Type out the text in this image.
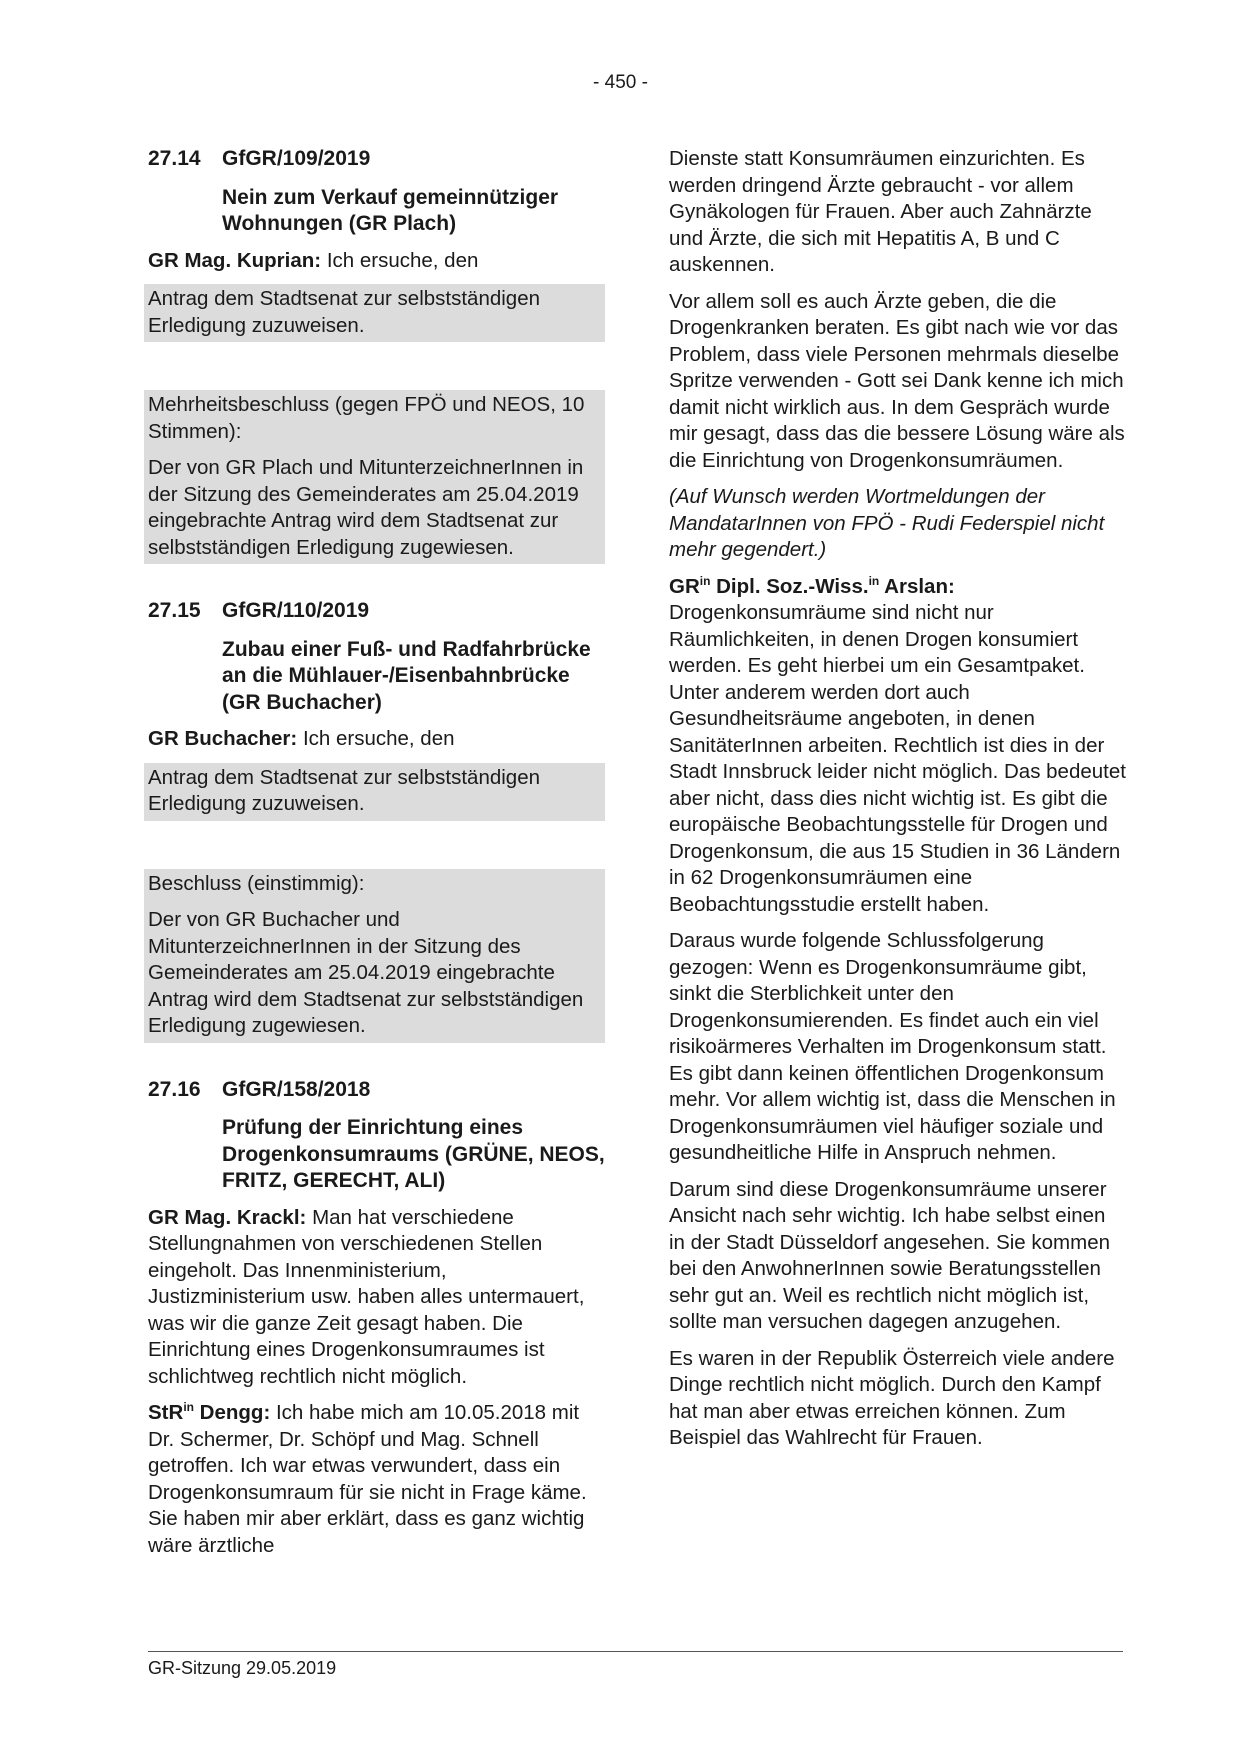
- 450 -
27.14	GfGR/109/2019
Nein zum Verkauf gemeinnütziger Wohnungen (GR Plach)
GR Mag. Kuprian: Ich ersuche, den
Antrag dem Stadtsenat zur selbstständigen Erledigung zuzuweisen.
Mehrheitsbeschluss (gegen FPÖ und NEOS, 10 Stimmen):
Der von GR Plach und MitunterzeichnerInnen in der Sitzung des Gemeinderates am 25.04.2019 eingebrachte Antrag wird dem Stadtsenat zur selbstständigen Erledigung zugewiesen.
27.15	GfGR/110/2019
Zubau einer Fuß- und Radfahrbrücke an die Mühlauer-/Eisenbahnbrücke (GR Buchacher)
GR Buchacher: Ich ersuche, den
Antrag dem Stadtsenat zur selbstständigen Erledigung zuzuweisen.
Beschluss (einstimmig):
Der von GR Buchacher und MitunterzeichnerInnen in der Sitzung des Gemeinderates am 25.04.2019 eingebrachte Antrag wird dem Stadtsenat zur selbstständigen Erledigung zugewiesen.
27.16	GfGR/158/2018
Prüfung der Einrichtung eines Drogenkonsumraums (GRÜNE, NEOS, FRITZ, GERECHT, ALI)
GR Mag. Krackl: Man hat verschiedene Stellungnahmen von verschiedenen Stellen eingeholt. Das Innenministerium, Justizministerium usw. haben alles untermauert, was wir die ganze Zeit gesagt haben. Die Einrichtung eines Drogenkonsumraumes ist schlichtweg rechtlich nicht möglich.
StR$^{in}$ Dengg: Ich habe mich am 10.05.2018 mit Dr. Schermer, Dr. Schöpf und Mag. Schnell getroffen. Ich war etwas verwundert, dass ein Drogenkonsumraum für sie nicht in Frage käme. Sie haben mir aber erklärt, dass es ganz wichtig wäre ärztliche
Dienste statt Konsumräumen einzurichten. Es werden dringend Ärzte gebraucht - vor allem Gynäkologen für Frauen. Aber auch Zahnärzte und Ärzte, die sich mit Hepatitis A, B und C auskennen.
Vor allem soll es auch Ärzte geben, die die Drogenkranken beraten. Es gibt nach wie vor das Problem, dass viele Personen mehrmals dieselbe Spritze verwenden - Gott sei Dank kenne ich mich damit nicht wirklich aus. In dem Gespräch wurde mir gesagt, dass das die bessere Lösung wäre als die Einrichtung von Drogenkonsumräumen.
(Auf Wunsch werden Wortmeldungen der MandatarInnen von FPÖ - Rudi Federspiel nicht mehr gegendert.)
$GR^{in}$ Dipl. Soz.-Wiss.$^{in}$ Arslan: Drogenkonsumräume sind nicht nur Räumlichkeiten, in denen Drogen konsumiert werden. Es geht hierbei um ein Gesamtpaket. Unter anderem werden dort auch Gesundheitsräume angeboten, in denen SanitäterInnen arbeiten. Rechtlich ist dies in der Stadt Innsbruck leider nicht möglich. Das bedeutet aber nicht, dass dies nicht wichtig ist. Es gibt die europäische Beobachtungsstelle für Drogen und Drogenkonsum, die aus 15 Studien in 36 Ländern in 62 Drogenkonsumräumen eine Beobachtungsstudie erstellt haben.
Daraus wurde folgende Schlussfolgerung gezogen: Wenn es Drogenkonsumräume gibt, sinkt die Sterblichkeit unter den Drogenkonsumierenden. Es findet auch ein viel risikoärmeres Verhalten im Drogenkonsum statt. Es gibt dann keinen öffentlichen Drogenkonsum mehr. Vor allem wichtig ist, dass die Menschen in Drogenkonsumräumen viel häufiger soziale und gesundheitliche Hilfe in Anspruch nehmen.
Darum sind diese Drogenkonsumräume unserer Ansicht nach sehr wichtig. Ich habe selbst einen in der Stadt Düsseldorf angesehen. Sie kommen bei den AnwohnerInnen sowie Beratungsstellen sehr gut an. Weil es rechtlich nicht möglich ist, sollte man versuchen dagegen anzugehen.
Es waren in der Republik Österreich viele andere Dinge rechtlich nicht möglich. Durch den Kampf hat man aber etwas erreichen können. Zum Beispiel das Wahlrecht für Frauen.
GR-Sitzung 29.05.2019
